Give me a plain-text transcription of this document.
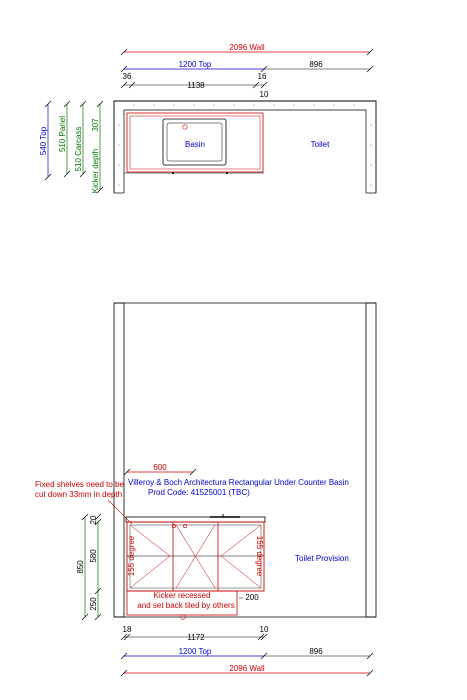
2096 Wall
1200 Top	896
36
1138
16
10
Basin	Toilet
540 Top 510 Panel 510 Carcass
307
Kicker depth
600
Villeroy & Boch Architectura Rectangular Under Counter Basin
Prod Code: 41525001 (TBC)
Fixed shelves need to be
cut down 33mm in depth
155 degree	155 degree
Kicker recessed
and set back tiled by others
200
Toilet Provision
850
20
580
250
18
1172
10
1200 Top	896
2096 Wall
